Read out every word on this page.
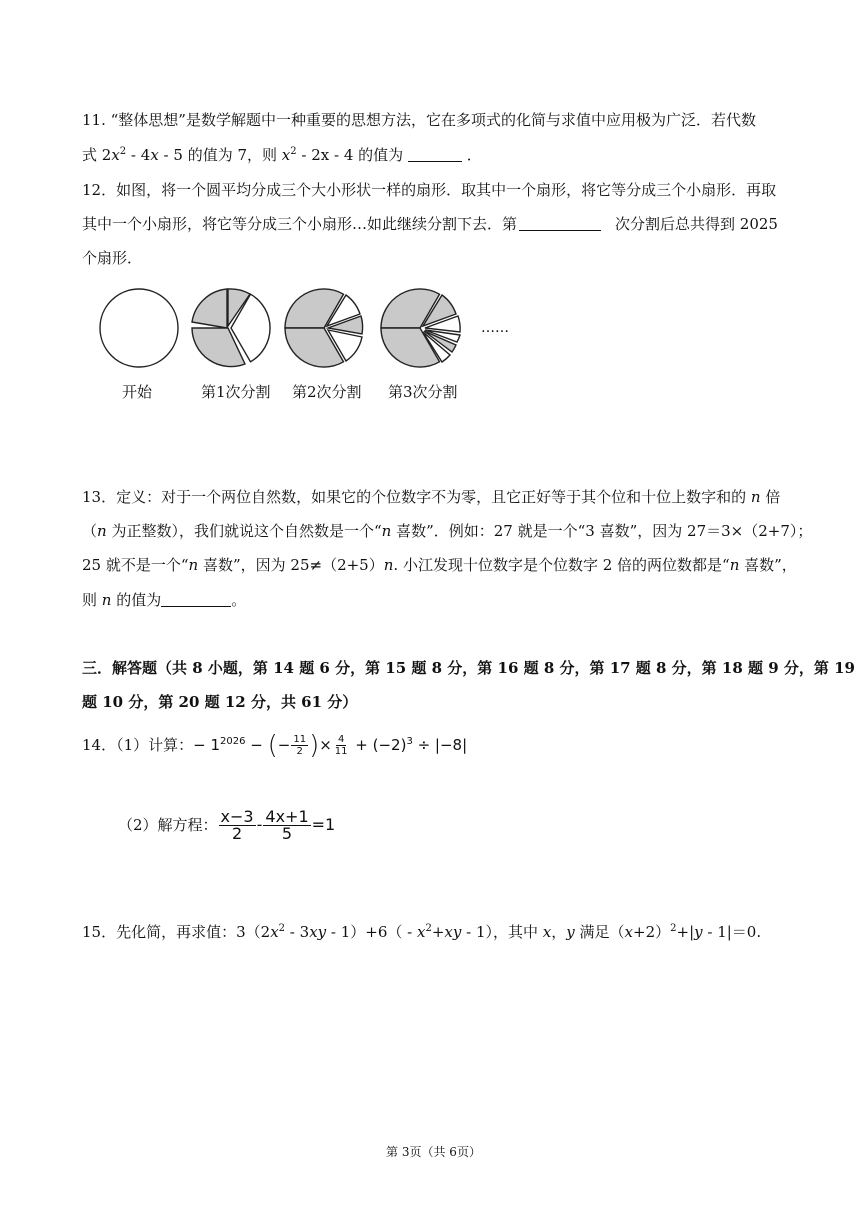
11. “整体思想”是数学解题中一种重要的思想方法，它在多项式的化简与求值中应用极为广泛．若代数
式 $2x^2 - 4x - 5$ 的值为 7，则 $x^2 - 2x - 4$ 的值为	．
12．如图，将一个圆平均分成三个大小形状一样的扇形．取其中一个扇形，将它等分成三个小扇形．再取
其中一个小扇形，将它等分成三个小扇形…如此继续分割下去．第	次分割后总共得到 2025
个扇形．
……
开始	第1次分割 第2次分割 第3次分割
13．定义：对于一个两位自然数，如果它的个位数字不为零，且它正好等于其个位和十位上数字和的 n 倍
（n 为正整数），我们就说这个自然数是一个“n 喜数”．例如：27 就是一个“3 喜数”，因为 27＝3×（2+7）；
25 就不是一个“n 喜数”，因为 25≠（2+5）n. 小江发现十位数字是个位数字 2 倍的两位数都是“n 喜数”，
则 n 的值为	。
三．解答题（共 8 小题，第 14 题 6 分，第 15 题 8 分，第 16 题 8 分，第 17 题 8 分，第 18 题 9 分，第 19
题 10 分，第 20 题 12 分，共 61 分）
14．（1）计算：− $1^{2026}$ − (− $\frac{11}{2}$ )× $\frac{4}{11} + (-2)^3 \div |-8|$
（2）解方程： $\frac{x-3}{2} - \frac{4x+1}{5} =1$
15．先化简，再求值：$3(2x^2 - 3xy - 1)+6( - x^2+xy - 1)$，其中 x，y 满足$(x+2)^2+|y - 1|=0$.
第 3页（共 6页）
